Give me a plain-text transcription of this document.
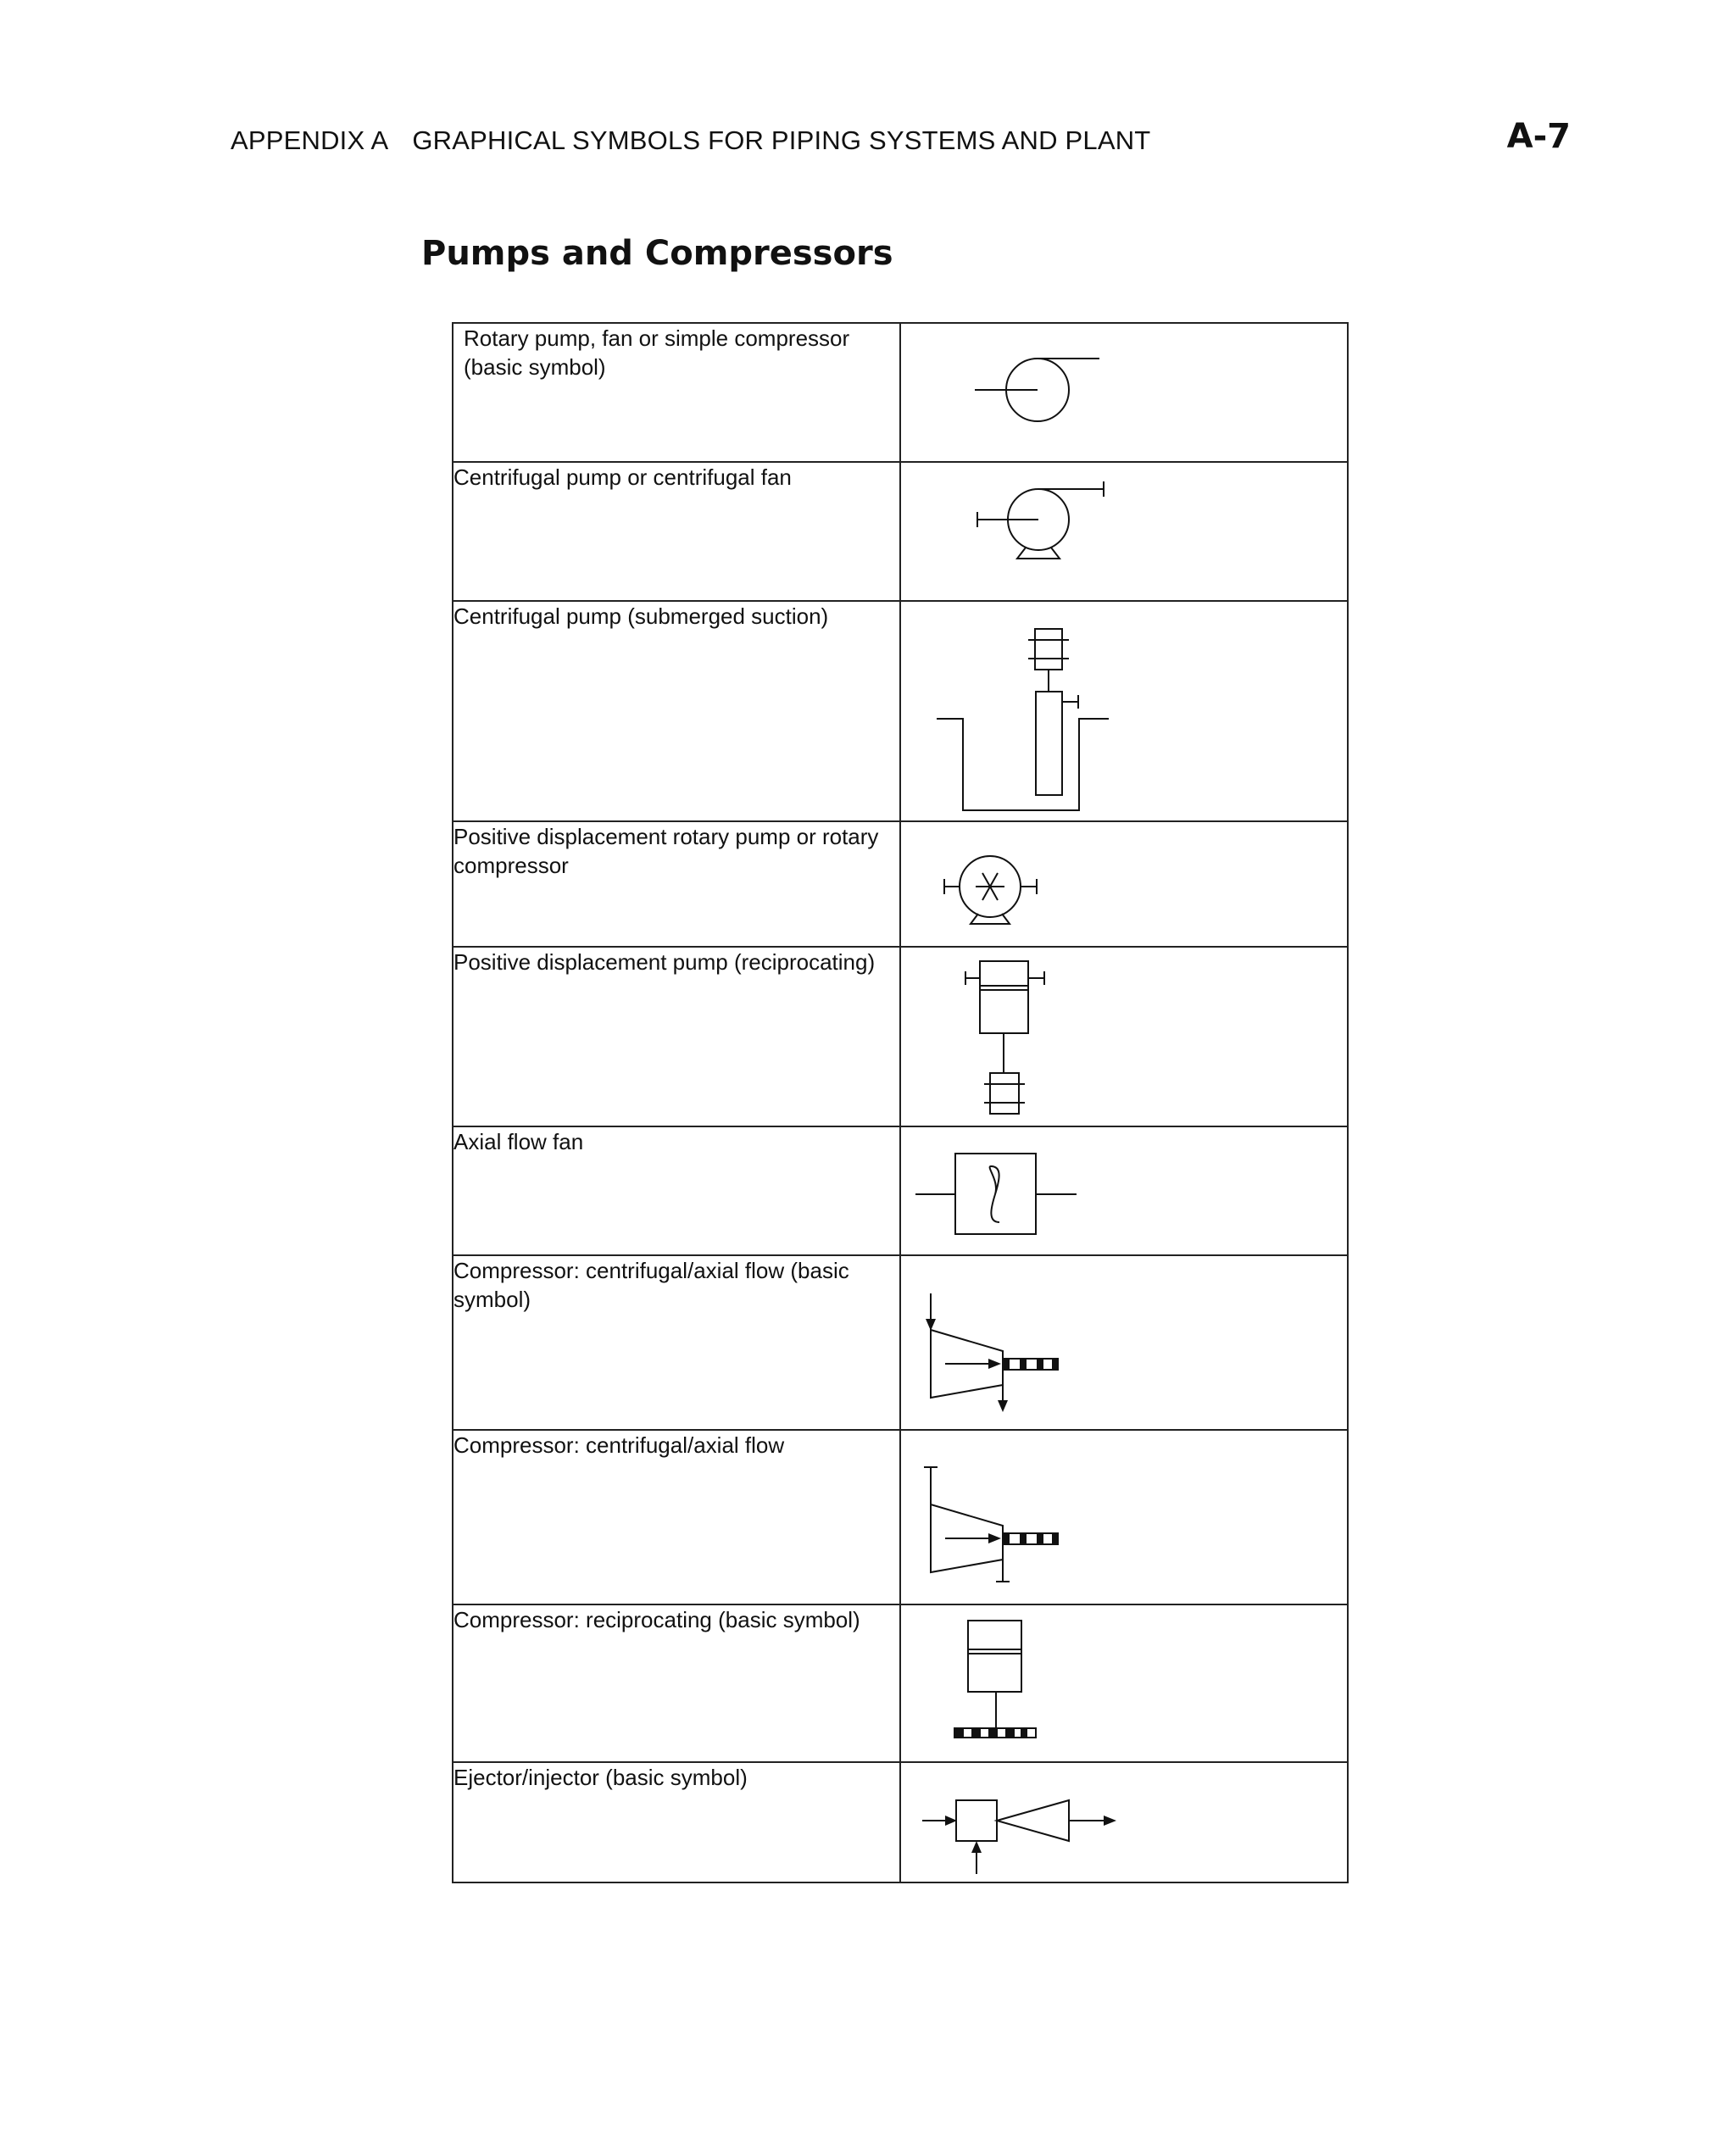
APPENDIX A GRAPHICAL SYMBOLS FOR PIPING SYSTEMS AND PLANT	A-7
Pumps and Compressors
Rotary pump, fan or simple compressor (basic symbol)	

Centrifugal pump or centrifugal fan	

Centrifugal pump (submerged suction)	

Positive displacement rotary pump or rotary compressor	

Positive displacement pump (reciprocating)	

Axial flow fan	

Compressor: centrifugal/axial flow (basic symbol)	

Compressor: centrifugal/axial flow	

Compressor: reciprocating (basic symbol)	

Ejector/injector (basic symbol)	
